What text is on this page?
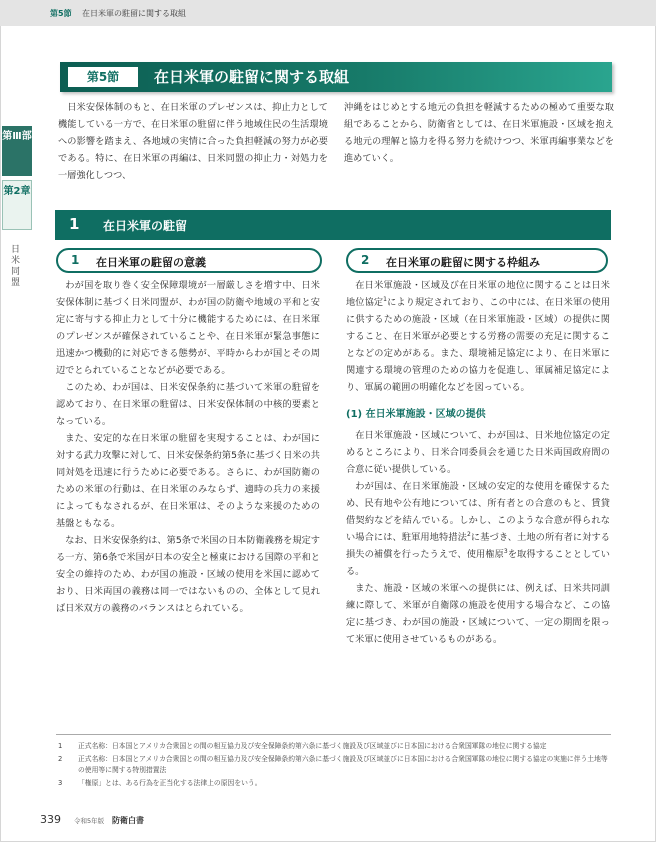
第5節 在日米軍の駐留に関する取組
第Ⅲ部
第2章
日米同盟
第5節	在日米軍の駐留に関する取組

日米安保体制のもと、在日米軍のプレゼンスは、抑止力として機能している一方で、在日米軍の駐留に伴う地域住民の生活環境への影響を踏まえ、各地域の実情に合った負担軽減の努力が必要である。特に、在日米軍の再編は、日米同盟の抑止力・対処力を一層強化しつつ、

沖縄をはじめとする地元の負担を軽減するための極めて重要な取組であることから、防衛省としては、在日米軍施設・区域を抱える地元の理解と協力を得る努力を続けつつ、米軍再編事業などを進めていく。

1 在日米軍の駐留
1 在日米軍の駐留の意義	2 在日米軍の駐留に関する枠組み

わが国を取り巻く安全保障環境が一層厳しさを増す中、日米安保体制に基づく日米同盟が、わが国の防衛や地域の平和と安定に寄与する抑止力として十分に機能するためには、在日米軍のプレゼンスが確保されていることや、在日米軍が緊急事態に迅速かつ機動的に対応できる態勢が、平時からわが国とその周辺でとられていることなどが必要である。

このため、わが国は、日米安保条約に基づいて米軍の駐留を認めており、在日米軍の駐留は、日米安保体制の中核的要素となっている。

また、安定的な在日米軍の駐留を実現することは、わが国に対する武力攻撃に対して、日米安保条約第5条に基づく日米の共同対処を迅速に行うために必要である。さらに、わが国防衛のための米軍の行動は、在日米軍のみならず、適時の兵力の来援によってもなされるが、在日米軍は、そのような来援のための基盤ともなる。

なお、日米安保条約は、第5条で米国の日本防衛義務を規定する一方、第6条で米国が日本の安全と極東における国際の平和と安全の維持のため、わが国の施設・区域の使用を米国に認めており、日米両国の義務は同一ではないものの、全体として見れば日米双方の義務のバランスはとられている。

在日米軍施設・区域及び在日米軍の地位に関することは日米地位協定$^1$により規定されており、この中には、在日米軍の使用に供するための施設・区域（在日米軍施設・区域）の提供に関すること、在日米軍が必要とする労務の需要の充足に関することなどの定めがある。また、環境補足協定により、在日米軍に関連する環境の管理のための協力を促進し、軍属補足協定により、軍属の範囲の明確化などを図っている。

(1) 在日米軍施設・区域の提供

在日米軍施設・区域について、わが国は、日米地位協定の定めるところにより、日米合同委員会を通じた日米両国政府間の合意に従い提供している。

わが国は、在日米軍施設・区域の安定的な使用を確保するため、民有地や公有地については、所有者との合意のもと、賃貸借契約などを結んでいる。しかし、このような合意が得られない場合には、駐軍用地特措法$^2$に基づき、土地の所有者に対する損失の補償を行ったうえで、使用権原$^3$を取得することとしている。

また、施設・区域の米軍への提供には、例えば、日米共同訓練に際して、米軍が自衛隊の施設を使用する場合など、この協定に基づき、わが国の施設・区域について、一定の期間を限って米軍に使用させているものがある。

1 正式名称：日本国とアメリカ合衆国との間の相互協力及び安全保障条約第六条に基づく施設及び区域並びに日本国における合衆国軍隊の地位に関する協定
2 正式名称：日本国とアメリカ合衆国との間の相互協力及び安全保障条約第六条に基づく施設及び区域並びに日本国における合衆国軍隊の地位に関する協定の実施に伴う土地等の使用等に関する特別措置法
3 「権原」とは、ある行為を正当化する法律上の原因をいう。
339 令和5年版 防衛白書
